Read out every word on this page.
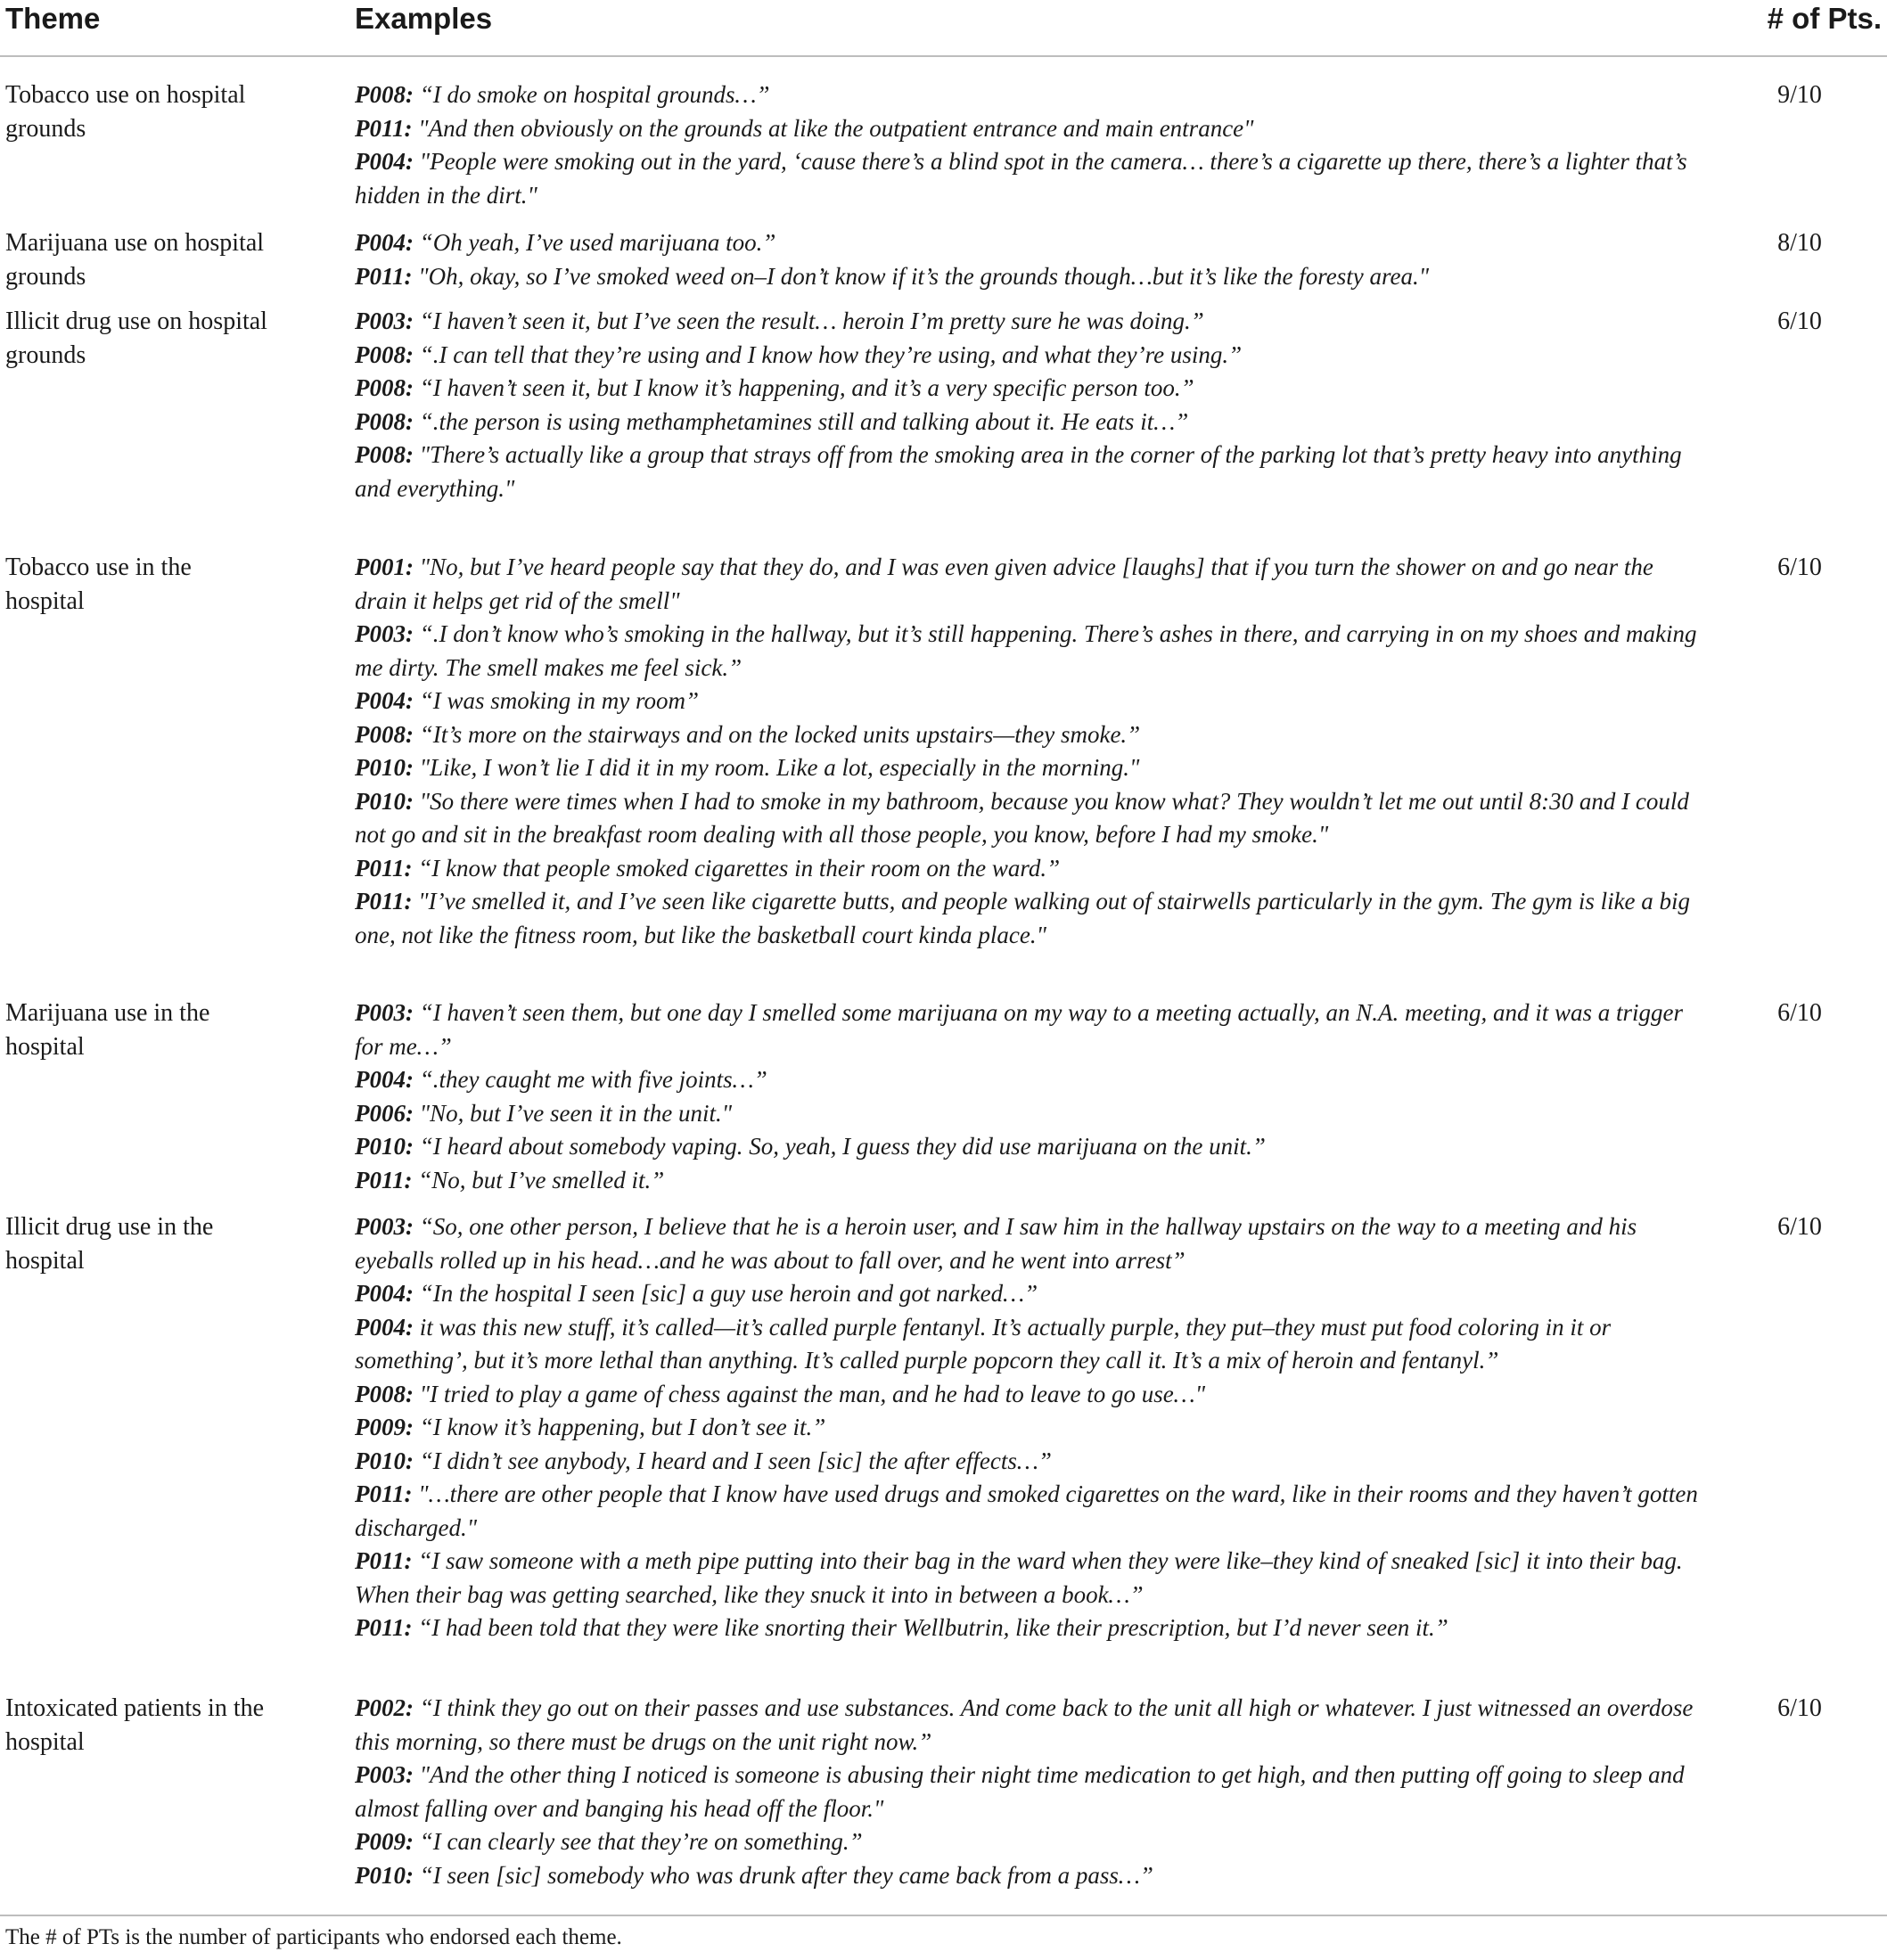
Theme	Examples	# of Pts.
Tobacco use on hospital grounds

P008: “I do smoke on hospital grounds…”

P011: "And then obviously on the grounds at like the outpatient entrance and main entrance"

P004: "People were smoking out in the yard, ‘cause there’s a blind spot in the camera… there’s a cigarette up there, there’s a lighter that’s hidden in the dirt."

9/10
Marijuana use on hospital grounds

P004: “Oh yeah, I’ve used marijuana too.”

P011: "Oh, okay, so I’ve smoked weed on–I don’t know if it’s the grounds though…but it’s like the foresty area."

8/10
Illicit drug use on hospital grounds

P003: “I haven’t seen it, but I’ve seen the result… heroin I’m pretty sure he was doing.”

P008: “.I can tell that they’re using and I know how they’re using, and what they’re using.”

P008: “I haven’t seen it, but I know it’s happening, and it’s a very specific person too.”

P008: “.the person is using methamphetamines still and talking about it. He eats it…”

P008: "There’s actually like a group that strays off from the smoking area in the corner of the parking lot that’s pretty heavy into anything and everything."

6/10
Tobacco use in the hospital

P001: "No, but I’ve heard people say that they do, and I was even given advice [laughs] that if you turn the shower on and go near the drain it helps get rid of the smell"

P003: “.I don’t know who’s smoking in the hallway, but it’s still happening. There’s ashes in there, and carrying in on my shoes and making me dirty. The smell makes me feel sick.”

P004: “I was smoking in my room”

P008: “It’s more on the stairways and on the locked units upstairs—they smoke.”

P010: "Like, I won’t lie I did it in my room. Like a lot, especially in the morning."

P010: "So there were times when I had to smoke in my bathroom, because you know what? They wouldn’t let me out until 8:30 and I could not go and sit in the breakfast room dealing with all those people, you know, before I had my smoke."

P011: “I know that people smoked cigarettes in their room on the ward.”

P011: "I’ve smelled it, and I’ve seen like cigarette butts, and people walking out of stairwells particularly in the gym. The gym is like a big one, not like the fitness room, but like the basketball court kinda place."

6/10
Marijuana use in the hospital

P003: “I haven’t seen them, but one day I smelled some marijuana on my way to a meeting actually, an N.A. meeting, and it was a trigger for me…”

P004: “.they caught me with five joints…”

P006: "No, but I’ve seen it in the unit."

P010: “I heard about somebody vaping. So, yeah, I guess they did use marijuana on the unit.”

P011: “No, but I’ve smelled it.”

6/10
Illicit drug use in the hospital

P003: “So, one other person, I believe that he is a heroin user, and I saw him in the hallway upstairs on the way to a meeting and his eyeballs rolled up in his head…and he was about to fall over, and he went into arrest”

P004: “In the hospital I seen [sic] a guy use heroin and got narked…”

P004: it was this new stuff, it’s called—it’s called purple fentanyl. It’s actually purple, they put–they must put food coloring in it or something’, but it’s more lethal than anything. It’s called purple popcorn they call it. It’s a mix of heroin and fentanyl.”

P008: "I tried to play a game of chess against the man, and he had to leave to go use…"

P009: “I know it’s happening, but I don’t see it.”

P010: “I didn’t see anybody, I heard and I seen [sic] the after effects…”

P011: "…there are other people that I know have used drugs and smoked cigarettes on the ward, like in their rooms and they haven’t gotten discharged."

P011: “I saw someone with a meth pipe putting into their bag in the ward when they were like–they kind of sneaked [sic] it into their bag. When their bag was getting searched, like they snuck it into in between a book…”

P011: “I had been told that they were like snorting their Wellbutrin, like their prescription, but I’d never seen it.”

6/10
Intoxicated patients in the hospital

P002: “I think they go out on their passes and use substances. And come back to the unit all high or whatever. I just witnessed an overdose this morning, so there must be drugs on the unit right now.”

P003: "And the other thing I noticed is someone is abusing their night time medication to get high, and then putting off going to sleep and almost falling over and banging his head off the floor."

P009: “I can clearly see that they’re on something.”

P010: “I seen [sic] somebody who was drunk after they came back from a pass…”

6/10
The # of PTs is the number of participants who endorsed each theme.
